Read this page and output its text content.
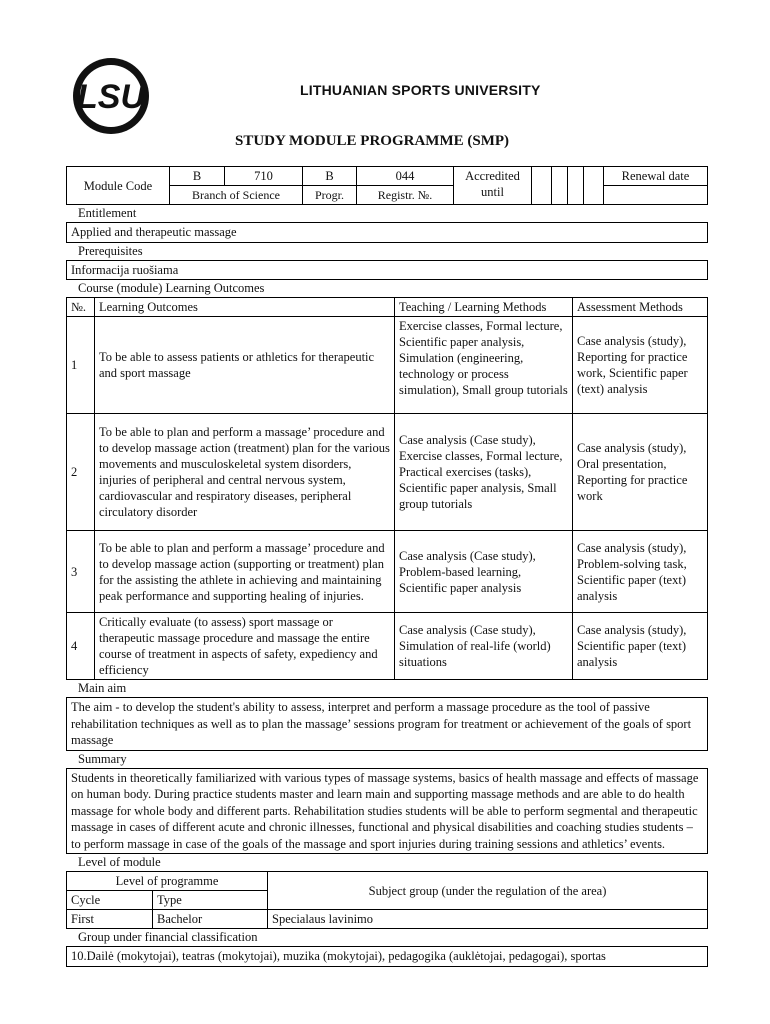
LSU	LITHUANIAN SPORTS UNIVERSITY
STUDY MODULE PROGRAMME (SMP)
Module Code	B	710	B	044	Accredited until					Renewal date
	Branch of Science		Progr.	Registr. №.						
Entitlement
Applied and therapeutic massage
Prerequisites
Informacija ruošiama
Course (module) Learning Outcomes
№.	Learning Outcomes	Teaching / Learning Methods	Assessment Methods
1	To be able to assess patients or athletics for therapeutic and sport massage	Exercise classes, Formal lecture, Scientific paper analysis, Simulation (engineering, technology or process simulation), Small group tutorials	Case analysis (study), Reporting for practice work, Scientific paper (text) analysis
2	To be able to plan and perform a massage’ procedure and to develop massage action (treatment) plan for the various movements and musculoskeletal system disorders, injuries of peripheral and central nervous system, cardiovascular and respiratory diseases, peripheral circulatory disorder	Case analysis (Case study), Exercise classes, Formal lecture, Practical exercises (tasks), Scientific paper analysis, Small group tutorials	Case analysis (study), Oral presentation, Reporting for practice work
3	To be able to plan and perform a massage’ procedure and to develop massage action (supporting or treatment) plan for the assisting the athlete in achieving and maintaining peak performance and supporting healing of injuries.	Case analysis (Case study), Problem-based learning, Scientific paper analysis	Case analysis (study), Problem-solving task, Scientific paper (text) analysis
4	Critically evaluate (to assess) sport massage or therapeutic massage procedure and massage the entire course of treatment in aspects of safety, expediency and efficiency	Case analysis (Case study), Simulation of real-life (world) situations	Case analysis (study), Scientific paper (text) analysis
Main aim
The aim - to develop the student's ability to assess, interpret and perform a massage procedure as the tool of passive rehabilitation techniques as well as to plan the massage’ sessions program for treatment or achievement of the goals of sport massage
Summary
Students in theoretically familiarized with various types of massage systems, basics of health massage and effects of massage on human body. During practice students master and learn main and supporting massage methods and are able to do health massage for whole body and different parts. Rehabilitation studies students will be able to perform segmental and therapeutic massage in cases of different acute and chronic illnesses, functional and physical disabilities and coaching studies students – to perform massage in case of the goals of the massage and sport injuries during training sessions and athletics’ events.
Level of module
Level of programme		Subject group (under the regulation of the area)
Cycle	Type	
First	Bachelor	Specialaus lavinimo
Group under financial classification
10.Dailė (mokytojai), teatras (mokytojai), muzika (mokytojai), pedagogika (auklėtojai, pedagogai), sportas
